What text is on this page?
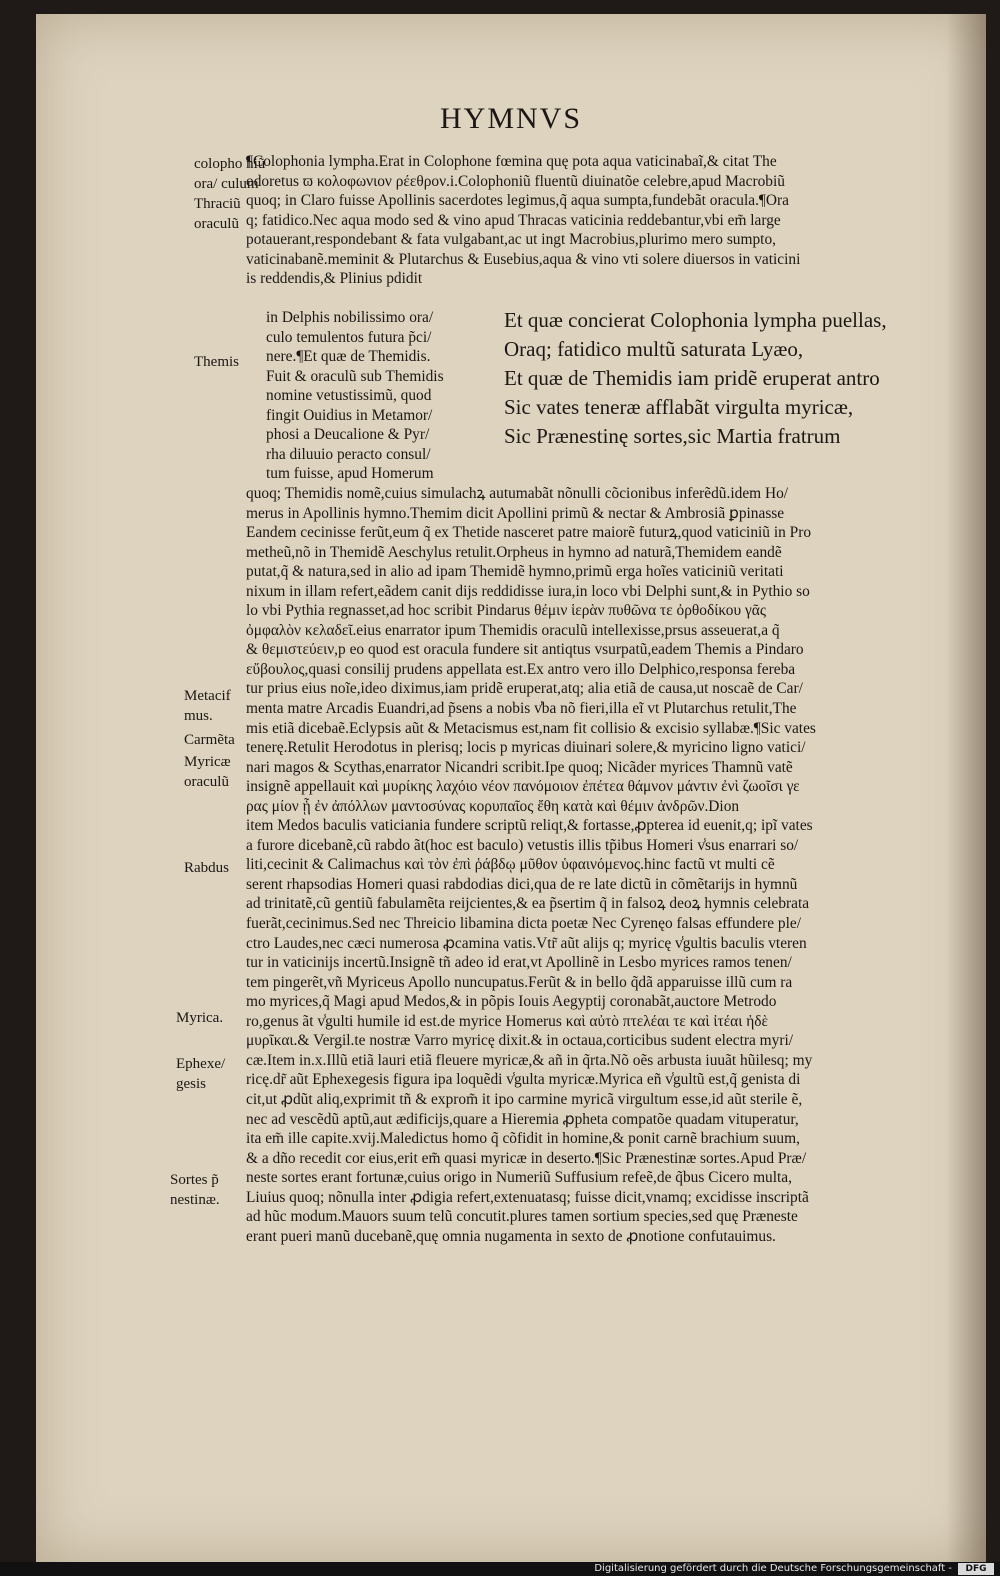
HYMNVS
colopho niũ ora/ culum Thraciũ oraculũ
Themis
Metacif mus.
Carmẽta
Myricæ oraculũ
Rabdus
Myrica.
Ephexe/ gesis
Sortes p̃ nestinæ.
¶Colophonia lympha.Erat in Colophone fœmina quę pota aqua vaticinabaĩ,& citat The
odoretus ϖ κολοφωνιον ρέεθρον.i.Colophoniũ fluentũ diuinatõe celebre,apud Macrobiũ
quoq; in Claro fuisse Apollinis sacerdotes legimus,q̃ aqua sumpta,fundebãt oracula.¶Ora
q; fatidico.Nec aqua modo sed & vino apud Thracas vaticinia reddebantur,vbi em̃ large
potauerant,respondebant & fata vulgabant,ac ut ingt Macrobius,plurimo mero sumpto,
vaticinabanẽ.meminit & Plutarchus & Eusebius,aqua & vino vti solere diuersos in vaticini
is reddendis,& Plinius pdidit
in Delphis nobilissimo ora/
culo temulentos futura p̃ci/
nere.¶Et quæ de Themidis.
Fuit & oraculũ sub Themidis
nomine vetustissimũ, quod
fingit Ouidius in Metamor/
phosi a Deucalione & Pyr/
rha diluuio peracto consul/
tum fuisse, apud Homerum
Et quæ concierat Colophonia lympha puellas,
Oraq; fatidico multũ saturata Lyæo,
Et quæ de Themidis iam pridẽ eruperat antro
Sic vates teneræ afflabãt virgulta myricæ,
Sic Prænestinę sortes,sic Martia fratrum
quoq; Themidis nomẽ,cuius simulachꝝ autumabãt nõnulli cõcionibus inferẽdũ.idem Ho/
merus in Apollinis hymno.Themim dicit Apollini primũ & nectar & Ambrosiã ꝑpinasse
Eandem cecinisse ferũt,eum q̃ ex Thetide nasceret patre maiorẽ futurꝝ,quod vaticiniũ in Pro
metheũ,nõ in Themidẽ Aeschylus retulit.Orpheus in hymno ad naturã,Themidem eandẽ
putat,q̃ & natura,sed in alio ad ipam Themidẽ hymno,primũ erga hoĩes vaticiniũ veritati
nixum in illam refert,eãdem canit dijs reddidisse iura,in loco vbi Delphi sunt,& in Pythio so
lo vbi Pythia regnasset,ad hoc scribit Pindarus θέμιν ἱερὰν πυθῶνα τε ὀρθοδίκου γᾶς
ὀμφαλὸν κελαδεῖ.eius enarrator ipum Themidis oraculũ intellexisse,prsus asseuerat,a q̃
& θεμιστεύειν,p eo quod est oracula fundere sit antiqtus vsurpatũ,eadem Themis a Pindaro
εὔβουλος,quasi consilij prudens appellata est.Ex antro vero illo Delphico,responsa fereba
tur prius eius noĩe,ideo diximus,iam pridẽ eruperat,atq; alia etiã de causa,ut noscaẽ de Car/
menta matre Arcadis Euandri,ad p̃sens a nobis v̾ba nõ fieri,illa eĩ vt Plutarchus retulit,The
mis etiã dicebaẽ.Eclypsis aũt & Metacismus est,nam fit collisio & excisio syllabæ.¶Sic vates
tenerę.Retulit Herodotus in plerisq; locis p myricas diuinari solere,& myricino ligno vatici/
nari magos & Scythas,enarrator Nicandri scribit.Ipe quoq; Nicãder myrices Thamnũ vatẽ
insignẽ appellauit καὶ μυρίκης λαχόιο νέον πανόμοιον ἐπέτεα θάμνον μάντιν ἐνὶ ζωοῖσι γε
ρας μίον ᾗ ἐν ἀπόλλων μαντοσύνας κορυπαῖος ἔθη κατὰ καὶ θέμιν ἀνδρῶν.Dion
item Medos baculis vaticiania fundere scriptũ reliqt,& fortasse,ꝓpterea id euenit,q; ipĩ vates
a furore dicebanẽ,cũ rabdo ãt(hoc est baculo) vetustis illis tp̃ibus Homeri v̾sus enarrari so/
liti,cecinit & Calimachus καὶ τὸν ἐπὶ ῥάβδῳ μῦθον ὑφαινόμενος.hinc factũ vt multi cẽ
serent rhapsodias Homeri quasi rabdodias dici,qua de re late dictũ in cõmẽtarijs in hymnũ
ad trinitatẽ,cũ gentiũ fabulamẽta reijcientes,& ea p̃sertim q̃ in falsoꝝ deoꝝ hymnis celebrata
fuerãt,cecinimus.Sed nec Threicio libamina dicta poetæ Nec Cyrenęo falsas effundere ple/
ctro Laudes,nec cæci numerosa ꝓcamina vatis.Vtr̃ aũt alijs q; myricę v̾gultis baculis vteren
tur in vaticinijs incertũ.Insignẽ tñ adeo id erat,vt Apollinẽ in Lesbo myrices ramos tenen/
tem pingerẽt,vñ Myriceus Apollo nuncupatus.Ferũt & in bello q̃dã apparuisse illũ cum ra
mo myrices,q̃ Magi apud Medos,& in põpis Iouis Aegyptij coronabãt,auctore Metrodo
ro,genus ãt v̾gulti humile id est.de myrice Homerus καὶ αὐτὸ πτελέαι τε καὶ ἰτέαι ἠδὲ
μυρῖκαι.& Vergil.te nostræ Varro myricę dixit.& in octaua,corticibus sudent electra myri/
cæ.Item in.x.Illũ etiã lauri etiã fleuere myricæ,& añ in q̃rta.Nõ oẽs arbusta iuuãt hũilesq; my
ricę.dr̃ aũt Ephexegesis figura ipa loquẽdi v̾gulta myricæ.Myrica eñ v̾gultũ est,q̃ genista di
cit,ut ꝓdũt aliq,exprimit tñ & exprom̃ it ipo carmine myricã virgultum esse,id aũt sterile ẽ,
nec ad vescẽdũ aptũ,aut ædificijs,quare a Hieremia ꝓpheta compatõe quadam vituperatur,
ita em̃ ille capite.xvij.Maledictus homo q̃ cõfidit in homine,& ponit carnẽ brachium suum,
& a dño recedit cor eius,erit em̃ quasi myricæ in deserto.¶Sic Prænestinæ sortes.Apud Præ/
neste sortes erant fortunæ,cuius origo in Numeriũ Suffusium refeẽ,de q̃bus Cicero multa,
Liuius quoq; nõnulla inter ꝓdigia refert,extenuatasq; fuisse dicit,vnamq; excidisse inscriptã
ad hũc modum.Mauors suum telũ concutit.plures tamen sortium species,sed quę Præneste
erant pueri manũ ducebanẽ,quę omnia nugamenta in sexto de ꝓnotione confutauimus.
Digitalisierung gefördert durch die Deutsche Forschungsgemeinschaft -	DFG
